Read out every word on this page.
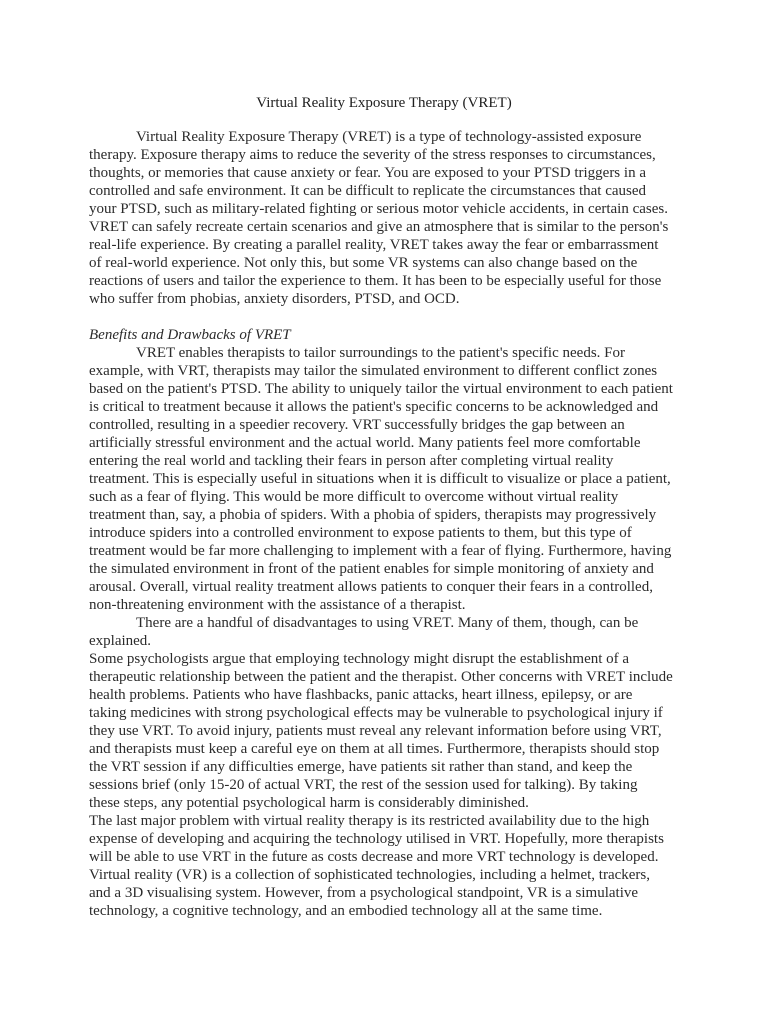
Virtual Reality Exposure Therapy (VRET)
Virtual Reality Exposure Therapy (VRET) is a type of technology-assisted exposure
therapy. Exposure therapy aims to reduce the severity of the stress responses to circumstances,
thoughts, or memories that cause anxiety or fear. You are exposed to your PTSD triggers in a
controlled and safe environment. It can be difficult to replicate the circumstances that caused
your PTSD, such as military-related fighting or serious motor vehicle accidents, in certain cases.
VRET can safely recreate certain scenarios and give an atmosphere that is similar to the person's
real-life experience. By creating a parallel reality, VRET takes away the fear or embarrassment
of real-world experience. Not only this, but some VR systems can also change based on the
reactions of users and tailor the experience to them. It has been to be especially useful for those
who suffer from phobias, anxiety disorders, PTSD, and OCD.
Benefits and Drawbacks of VRET
VRET enables therapists to tailor surroundings to the patient's specific needs. For
example, with VRT, therapists may tailor the simulated environment to different conflict zones
based on the patient's PTSD. The ability to uniquely tailor the virtual environment to each patient
is critical to treatment because it allows the patient's specific concerns to be acknowledged and
controlled, resulting in a speedier recovery. VRT successfully bridges the gap between an
artificially stressful environment and the actual world. Many patients feel more comfortable
entering the real world and tackling their fears in person after completing virtual reality
treatment. This is especially useful in situations when it is difficult to visualize or place a patient,
such as a fear of flying. This would be more difficult to overcome without virtual reality
treatment than, say, a phobia of spiders. With a phobia of spiders, therapists may progressively
introduce spiders into a controlled environment to expose patients to them, but this type of
treatment would be far more challenging to implement with a fear of flying. Furthermore, having
the simulated environment in front of the patient enables for simple monitoring of anxiety and
arousal. Overall, virtual reality treatment allows patients to conquer their fears in a controlled,
non-threatening environment with the assistance of a therapist.
There are a handful of disadvantages to using VRET. Many of them, though, can be
explained.
Some psychologists argue that employing technology might disrupt the establishment of a
therapeutic relationship between the patient and the therapist. Other concerns with VRET include
health problems. Patients who have flashbacks, panic attacks, heart illness, epilepsy, or are
taking medicines with strong psychological effects may be vulnerable to psychological injury if
they use VRT. To avoid injury, patients must reveal any relevant information before using VRT,
and therapists must keep a careful eye on them at all times. Furthermore, therapists should stop
the VRT session if any difficulties emerge, have patients sit rather than stand, and keep the
sessions brief (only 15-20 of actual VRT, the rest of the session used for talking). By taking
these steps, any potential psychological harm is considerably diminished.
The last major problem with virtual reality therapy is its restricted availability due to the high
expense of developing and acquiring the technology utilised in VRT. Hopefully, more therapists
will be able to use VRT in the future as costs decrease and more VRT technology is developed.
Virtual reality (VR) is a collection of sophisticated technologies, including a helmet, trackers,
and a 3D visualising system. However, from a psychological standpoint, VR is a simulative
technology, a cognitive technology, and an embodied technology all at the same time.
